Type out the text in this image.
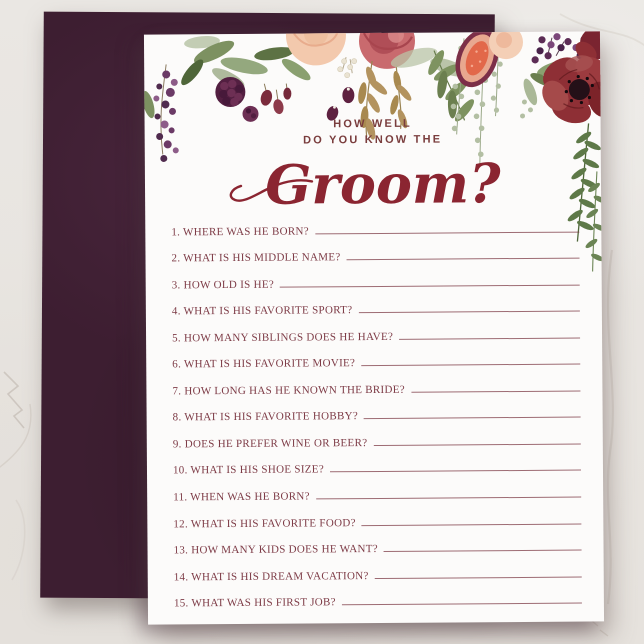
HOW WELL
DO YOU KNOW THE
Groom?
1. WHERE WAS HE BORN?
2. WHAT IS HIS MIDDLE NAME?
3. HOW OLD IS HE?
4. WHAT IS HIS FAVORITE SPORT?
5. HOW MANY SIBLINGS DOES HE HAVE?
6. WHAT IS HIS FAVORITE MOVIE?
7. HOW LONG HAS HE KNOWN THE BRIDE?
8. WHAT IS HIS FAVORITE HOBBY?
9. DOES HE PREFER WINE OR BEER?
10. WHAT IS HIS SHOE SIZE?
11. WHEN WAS HE BORN?
12. WHAT IS HIS FAVORITE FOOD?
13. HOW MANY KIDS DOES HE WANT?
14. WHAT IS HIS DREAM VACATION?
15. WHAT WAS HIS FIRST JOB?
